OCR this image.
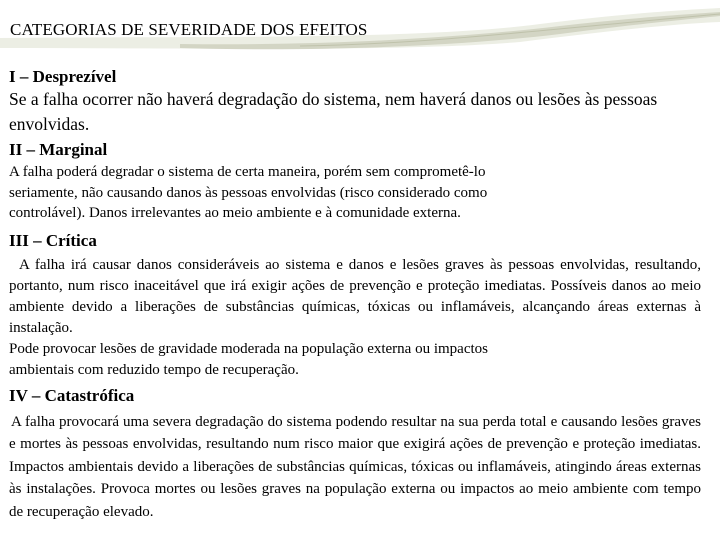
CATEGORIAS DE SEVERIDADE DOS EFEITOS
I – Desprezível

Se a falha ocorrer não haverá degradação do sistema, nem haverá danos ou lesões às pessoas envolvidas.

II – Marginal

A falha poderá degradar o sistema de certa maneira, porém sem comprometê-lo
seriamente, não causando danos às pessoas envolvidas (risco considerado como
controlável). Danos irrelevantes ao meio ambiente e à comunidade externa.

III – Crítica

A falha irá causar danos consideráveis ao sistema e danos e lesões graves às pessoas envolvidas, resultando, portanto, num risco inaceitável que irá exigir ações de prevenção e proteção imediatas. Possíveis danos ao meio ambiente devido a liberações de substâncias químicas, tóxicas ou inflamáveis, alcançando áreas externas à instalação.

Pode provocar lesões de gravidade moderada na população externa ou impactos
ambientais com reduzido tempo de recuperação.

IV – Catastrófica

A falha provocará uma severa degradação do sistema podendo resultar na sua perda total e causando lesões graves e mortes às pessoas envolvidas, resultando num risco maior que exigirá ações de prevenção e proteção imediatas. Impactos ambientais devido a liberações de substâncias químicas, tóxicas ou inflamáveis, atingindo áreas externas às instalações. Provoca mortes ou lesões graves na população externa ou impactos ao meio ambiente com tempo de recuperação elevado.
